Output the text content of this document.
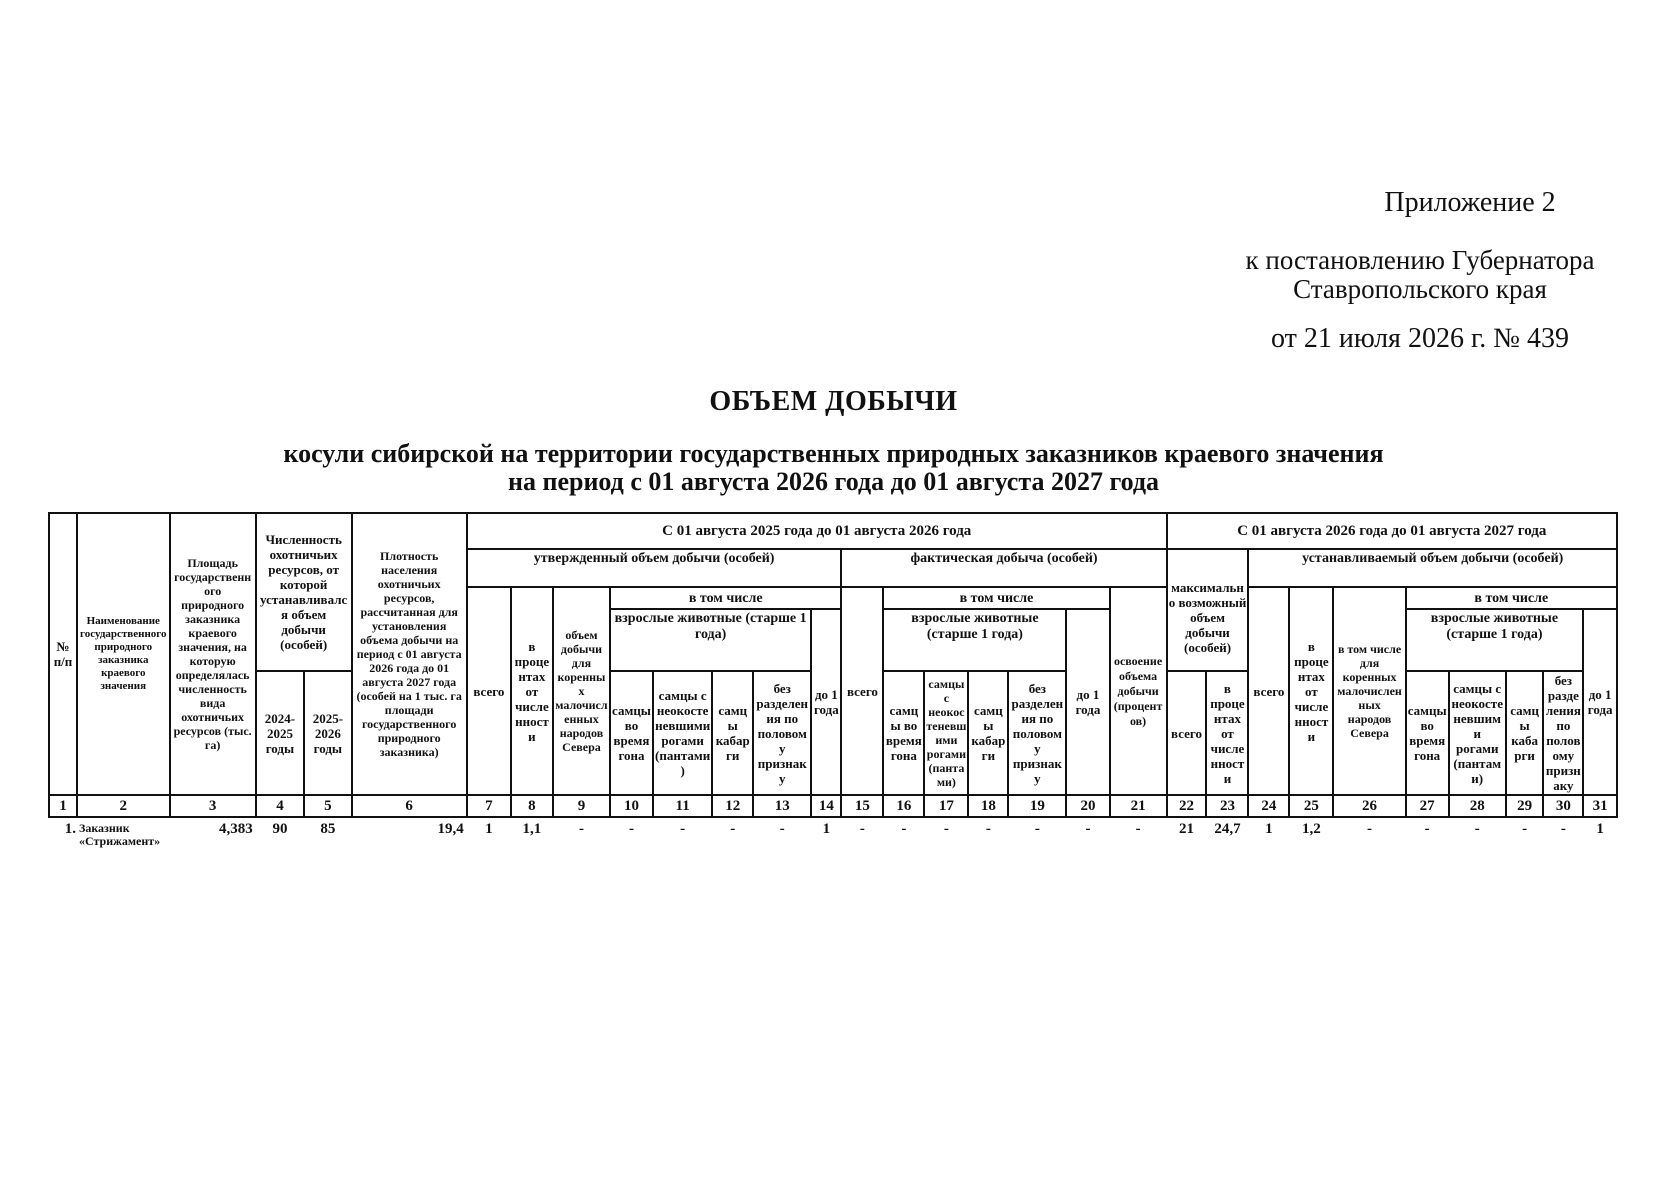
Приложение 2
к постановлению Губернатора
Ставропольского края
от 21 июля 2026 г. № 439
ОБЪЕМ ДОБЫЧИ
косули сибирской на территории государственных природных заказников краевого значения
на период с 01 августа 2026 года до 01 августа 2027 года
№ п/п	Наименование государственного природного заказника краевого значения	Площадь государственного природного заказника краевого значения, на которую определялась численность вида охотничьих ресурсов (тыс. га)	Численность охотничьих ресурсов, от которой устанавливался объем добычи (особей)		Плотность населения охотничьих ресурсов, рассчитанная для установления объема добычи на период с 01 августа 2026 года до 01 августа 2027 года (особей на 1 тыс. га площади государственного природного заказника)	С 01 августа 2025 года до 01 августа 2026 года															С 01 августа 2026 года до 01 августа 2027 года									
						утвержденный объем добычи (особей)								фактическая добыча (особей)							максимально возможный объем добычи (особей)		устанавливаемый объем добычи (особей)							
						всего	в процентах от численности	объем добычи для коренных малочисленных народов Севера	в том числе					всего	в том числе					освоение объема добычи (процентов)			всего	в процентах от численности	в том числе для коренных малочисленных народов Севера	в том числе				
									взрослые животные (старше 1 года)				до 1 года		взрослые животные (старше 1 года)				до 1 года							взрослые животные (старше 1 года)				до 1 года
									самцы во время гона	самцы с неокостеневшими рогами (пантами)	самцы кабарги	без разделения по половому признаку			самцы во время гона	самцы с неокостеневшими рогами (пантами)	самцы кабарги	без разделения по половому признаку								самцы во время гона	самцы с неокостеневшими рогами (пантами)	самцы кабарги	без разделения по половому признаку	
			2024-2025 годы	2025-2026 годы																	всего	в процентах от численности								

1	2	3	4	5	6	7	8	9	10	11	12	13	14	15	16	17	18	19	20	21	22	23	24	25	26	27	28	29	30	31
1.	Заказник «Стрижамент»	4,383	90	85	19,4	1	1,1	-	-	-	-	-	1	-	-	-	-	-	-	-	21	24,7	1	1,2	-	-	-	-	-	1
